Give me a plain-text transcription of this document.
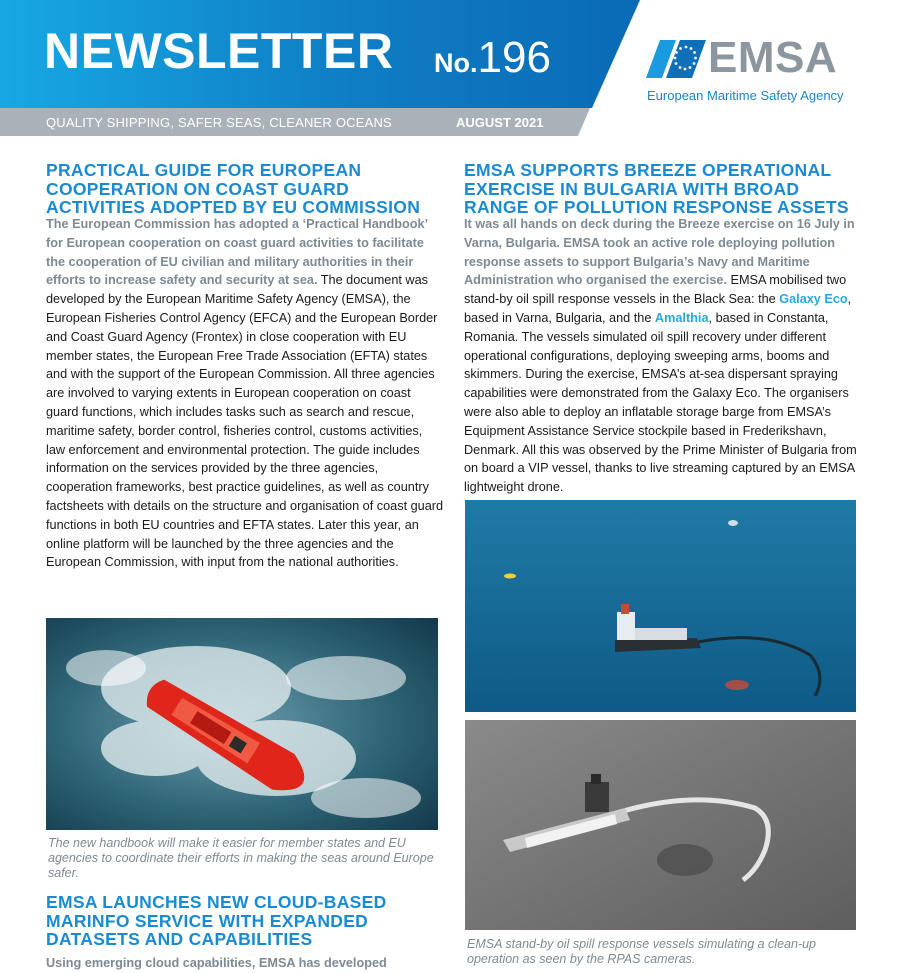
NEWSLETTER No.196
QUALITY SHIPPING, SAFER SEAS, CLEANER OCEANS	AUGUST 2021
EMSA
European Maritime Safety Agency
PRACTICAL GUIDE FOR EUROPEAN COOPERATION ON COAST GUARD ACTIVITIES ADOPTED BY EU COMMISSION
The European Commission has adopted a ‘Practical Handbook’ for European cooperation on coast guard activities to facilitate the cooperation of EU civilian and military authorities in their efforts to increase safety and security at sea. The document was developed by the European Maritime Safety Agency (EMSA), the European Fisheries Control Agency (EFCA) and the European Border and Coast Guard Agency (Frontex) in close cooperation with EU member states, the European Free Trade Association (EFTA) states and with the support of the European Commission. All three agencies are involved to varying extents in European cooperation on coast guard functions, which includes tasks such as search and rescue, maritime safety, border control, fisheries control, customs activities, law enforcement and environmental protection. The guide includes information on the services provided by the three agencies, cooperation frameworks, best practice guidelines, as well as country factsheets with details on the structure and organisation of coast guard functions in both EU countries and EFTA states. Later this year, an online platform will be launched by the three agencies and the European Commission, with input from the national authorities.
The new handbook will make it easier for member states and EU agencies to coordinate their efforts in making the seas around Europe safer.
EMSA LAUNCHES NEW CLOUD-BASED MARINFO SERVICE WITH EXPANDED DATASETS AND CAPABILITIES
Using emerging cloud capabilities, EMSA has developed
EMSA SUPPORTS BREEZE OPERATIONAL EXERCISE IN BULGARIA WITH BROAD RANGE OF POLLUTION RESPONSE ASSETS
It was all hands on deck during the Breeze exercise on 16 July in Varna, Bulgaria. EMSA took an active role deploying pollution response assets to support Bulgaria’s Navy and Maritime Administration who organised the exercise. EMSA mobilised two stand-by oil spill response vessels in the Black Sea: the Galaxy Eco, based in Varna, Bulgaria, and the Amalthia, based in Constanta, Romania. The vessels simulated oil spill recovery under different operational configurations, deploying sweeping arms, booms and skimmers. During the exercise, EMSA’s at-sea dispersant spraying capabilities were demonstrated from the Galaxy Eco. The organisers were also able to deploy an inflatable storage barge from EMSA’s Equipment Assistance Service stockpile based in Frederikshavn, Denmark. All this was observed by the Prime Minister of Bulgaria from on board a VIP vessel, thanks to live streaming captured by an EMSA lightweight drone.
EMSA stand-by oil spill response vessels simulating a clean-up operation as seen by the RPAS cameras.
